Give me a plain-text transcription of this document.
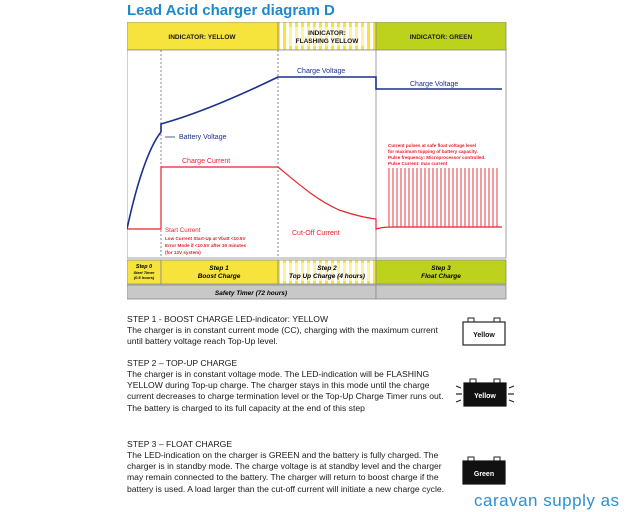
Lead Acid charger diagram D
INDICATOR: YELLOW
INDICATOR:
FLASHING YELLOW
INDICATOR: GREEN
Charge Voltage
Charge Voltage
Battery Voltage
Charge Current
Cut-Off Current
Current pulses at safe float voltage level
for maximum topping of battery capacity.
Pulse frequency: Microprocessor controlled.
Pulse Current: max current
Start Current
Low Current Start-Up at Vbatt <10.5V
Error Mode if <10.5V after 30 minutes
(for 12V system)
Step 0
Start Timer
(0.5 hours)
Step 1
Boost Charge
Step 2
Top Up Charge (4 hours)
Step 3
Float Charge
Safety Timer (72 hours)
STEP 1 - BOOST CHARGE LED-indicator: YELLOW
The charger is in constant current mode (CC), charging with the maximum current until battery voltage reach Top-Up level.
STEP 2 – TOP-UP CHARGE
The charger is in constant voltage mode. The LED-indication will be FLASHING YELLOW during Top-up charge. The charger stays in this mode until the charge current decreases to charge termination level or the Top-Up Charge Timer runs out. The battery is charged to its full capacity at the end of this step
STEP 3 – FLOAT CHARGE
The LED-indication on the charger is GREEN and the battery is fully charged. The charger is in standby mode. The charge voltage is at standby level and the charger may remain connected to the battery. The charger will return to boost charge if the battery is used. A load larger than the cut-off current will initiate a new charge cycle.
Yellow
Yellow
Green
caravan supply as
